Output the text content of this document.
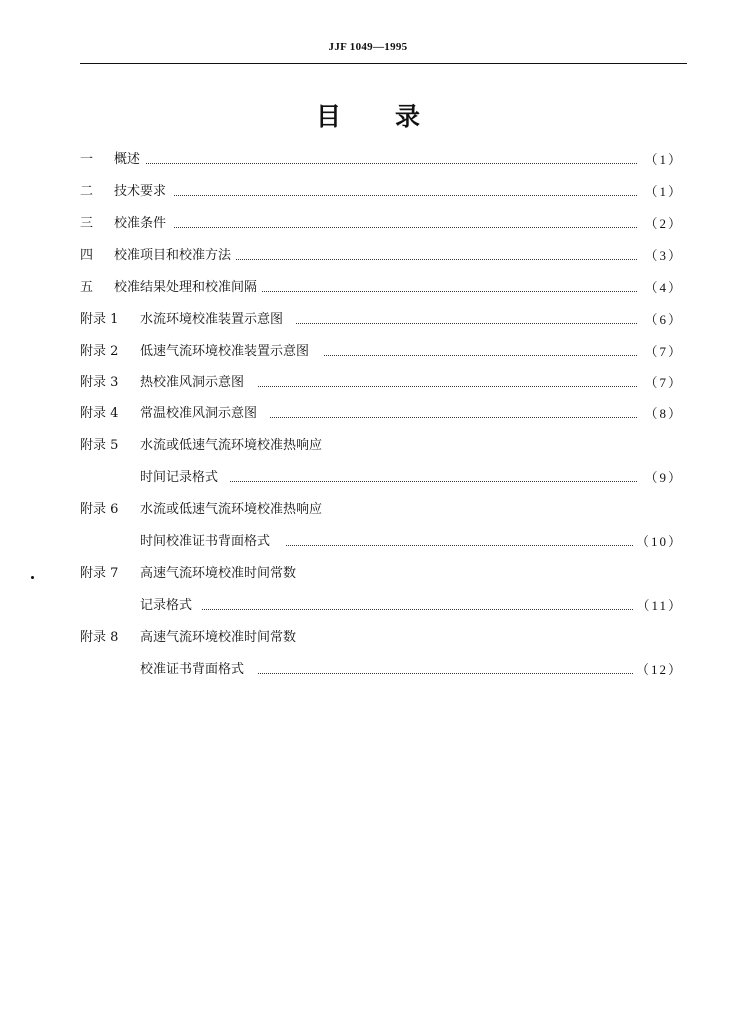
JJF 1049—1995
目 录
一 概述	（1）
二 技术要求	（1）
三 校准条件	（2）
四 校准项目和校准方法	（3）
五 校准结果处理和校准间隔	（4）
附录 1 水流环境校准装置示意图	（6）
附录 2 低速气流环境校准装置示意图	（7）
附录 3 热校准风洞示意图	（7）
附录 4 常温校准风洞示意图	（8）
附录 5 水流或低速气流环境校准热响应
时间记录格式	（9）
附录 6 水流或低速气流环境校准热响应
时间校准证书背面格式	（10）
附录 7 高速气流环境校准时间常数
记录格式	（11）
附录 8 高速气流环境校准时间常数
校准证书背面格式	（12）
